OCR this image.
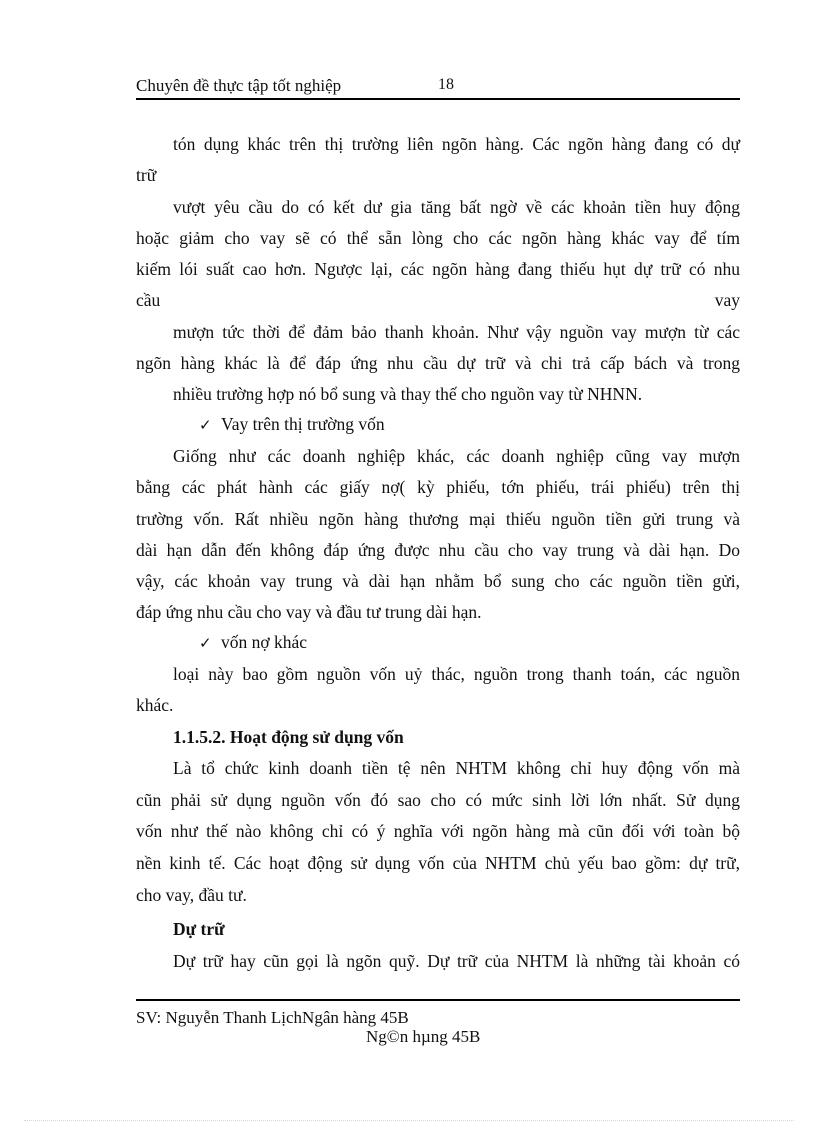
Chuyên đề thực tập tốt nghiệp	18
tón dụng khác trên thị trường liên ngõn hàng. Các ngõn hàng đang có dự
trữ
vượt yêu cầu do có kết dư gia tăng bất ngờ về các khoản tiền huy động
hoặc giảm cho vay sẽ có thể sẵn lòng cho các ngõn hàng khác vay để tím
kiếm lói suất cao hơn. Ngược lại, các ngõn hàng đang thiếu hụt dự trữ có nhu
cầu	vay
mượn tức thời để đảm bảo thanh khoản. Như vậy nguồn vay mượn từ các
ngõn hàng khác là để đáp ứng nhu cầu dự trữ và chi trả cấp bách và trong
nhiều trường hợp nó bổ sung và thay thế cho nguồn vay từ NHNN.
✓ Vay trên thị trường vốn
Giống như các doanh nghiệp khác, các doanh nghiệp cũng vay mượn
bằng các phát hành các giấy nợ( kỳ phiếu, tớn phiếu, trái phiếu) trên thị
trường vốn. Rất nhiều ngõn hàng thương mại thiếu nguồn tiền gửi trung và
dài hạn dẫn đến không đáp ứng được nhu cầu cho vay trung và dài hạn. Do
vậy, các khoản vay trung và dài hạn nhằm bổ sung cho các nguồn tiền gửi,
đáp ứng nhu cầu cho vay và đầu tư trung dài hạn.
✓ vốn nợ khác
loại này bao gồm nguồn vốn uỷ thác, nguồn trong thanh toán, các nguồn
khác.
1.1.5.2. Hoạt động sử dụng vốn
Là tổ chức kinh doanh tiền tệ nên NHTM không chỉ huy động vốn mà
cũn phải sử dụng nguồn vốn đó sao cho có mức sinh lời lớn nhất. Sử dụng
vốn như thế nào không chỉ có ý nghĩa với ngõn hàng mà cũn đối với toàn bộ
nền kinh tế. Các hoạt động sử dụng vốn của NHTM chủ yếu bao gồm: dự trữ,
cho vay, đầu tư.
Dự trữ
Dự trữ hay cũn gọi là ngõn quỹ. Dự trữ của NHTM là những tài khoản có
SV: Nguyễn Thanh LịchNgân hàng 45B
Ng©n hµng 45B
